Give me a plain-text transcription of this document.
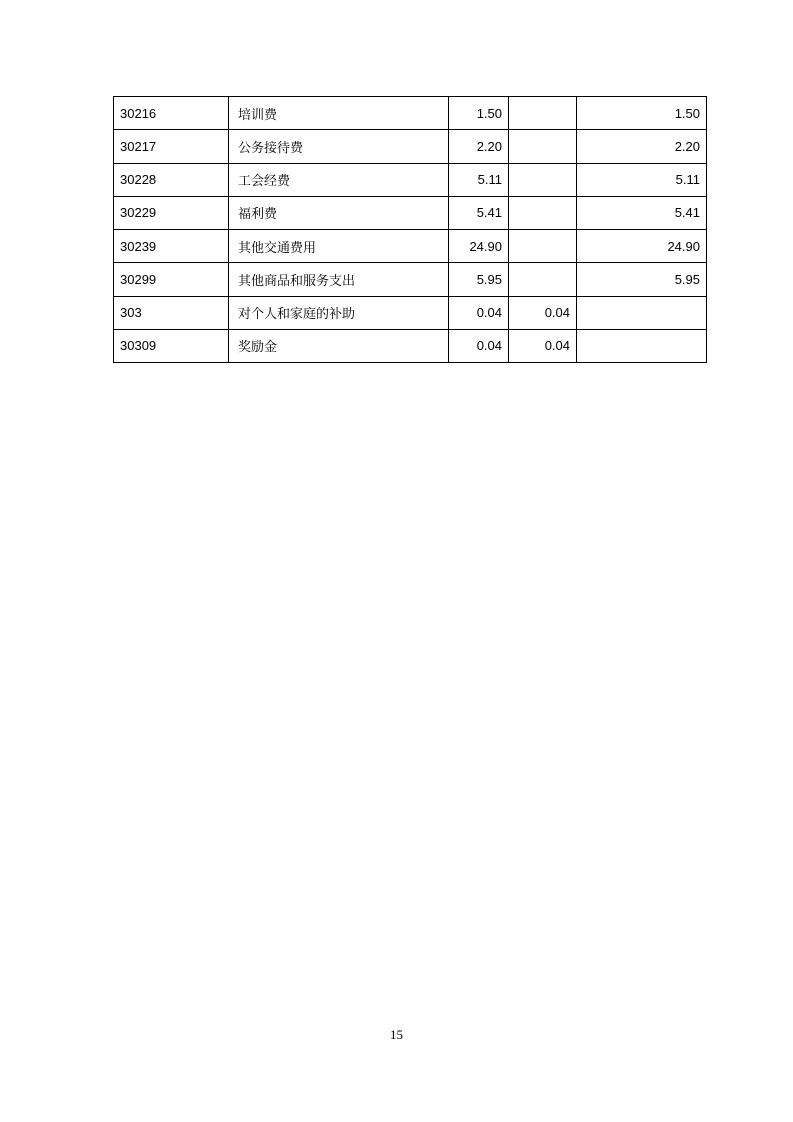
30216	培训费	1.50		1.50
30217	公务接待费	2.20		2.20
30228	工会经费	5.11		5.11
30229	福利费	5.41		5.41
30239	其他交通费用	24.90		24.90
30299	其他商品和服务支出	5.95		5.95
303	对个人和家庭的补助	0.04	0.04	
30309	奖励金	0.04	0.04	
15
